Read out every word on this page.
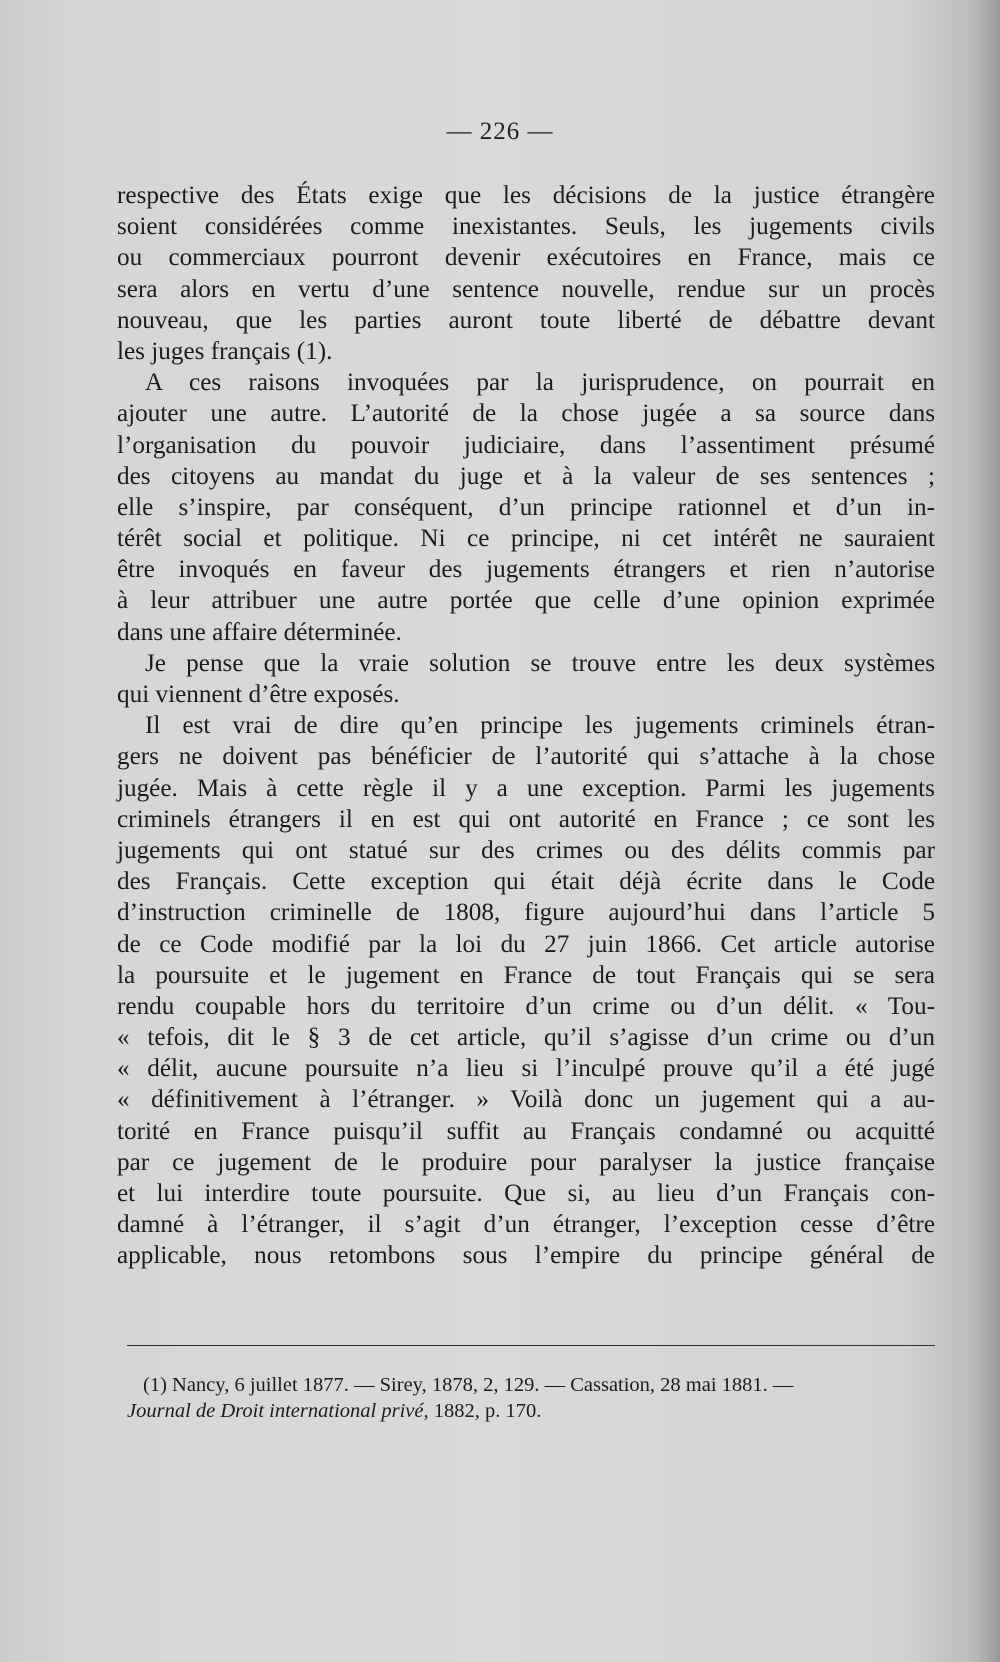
— 226 —
respective des États exige que les décisions de la justice étrangère
soient considérées comme inexistantes. Seuls, les jugements civils
ou commerciaux pourront devenir exécutoires en France, mais ce
sera alors en vertu d’une sentence nouvelle, rendue sur un procès
nouveau, que les parties auront toute liberté de débattre devant
les juges français (1).
A ces raisons invoquées par la jurisprudence, on pourrait en
ajouter une autre. L’autorité de la chose jugée a sa source dans
l’organisation du pouvoir judiciaire, dans l’assentiment présumé
des citoyens au mandat du juge et à la valeur de ses sentences ;
elle s’inspire, par conséquent, d’un principe rationnel et d’un in-
térêt social et politique. Ni ce principe, ni cet intérêt ne sauraient
être invoqués en faveur des jugements étrangers et rien n’autorise
à leur attribuer une autre portée que celle d’une opinion exprimée
dans une affaire déterminée.
Je pense que la vraie solution se trouve entre les deux systèmes
qui viennent d’être exposés.
Il est vrai de dire qu’en principe les jugements criminels étran-
gers ne doivent pas bénéficier de l’autorité qui s’attache à la chose
jugée. Mais à cette règle il y a une exception. Parmi les jugements
criminels étrangers il en est qui ont autorité en France ; ce sont les
jugements qui ont statué sur des crimes ou des délits commis par
des Français. Cette exception qui était déjà écrite dans le Code
d’instruction criminelle de 1808, figure aujourd’hui dans l’article 5
de ce Code modifié par la loi du 27 juin 1866. Cet article autorise
la poursuite et le jugement en France de tout Français qui se sera
rendu coupable hors du territoire d’un crime ou d’un délit. « Tou-
« tefois, dit le § 3 de cet article, qu’il s’agisse d’un crime ou d’un
« délit, aucune poursuite n’a lieu si l’inculpé prouve qu’il a été jugé
« définitivement à l’étranger. » Voilà donc un jugement qui a au-
torité en France puisqu’il suffit au Français condamné ou acquitté
par ce jugement de le produire pour paralyser la justice française
et lui interdire toute poursuite. Que si, au lieu d’un Français con-
damné à l’étranger, il s’agit d’un étranger, l’exception cesse d’être
applicable, nous retombons sous l’empire du principe général de
(1) Nancy, 6 juillet 1877. — Sirey, 1878, 2, 129. — Cassation, 28 mai 1881. —
Journal de Droit international privé, 1882, p. 170.
